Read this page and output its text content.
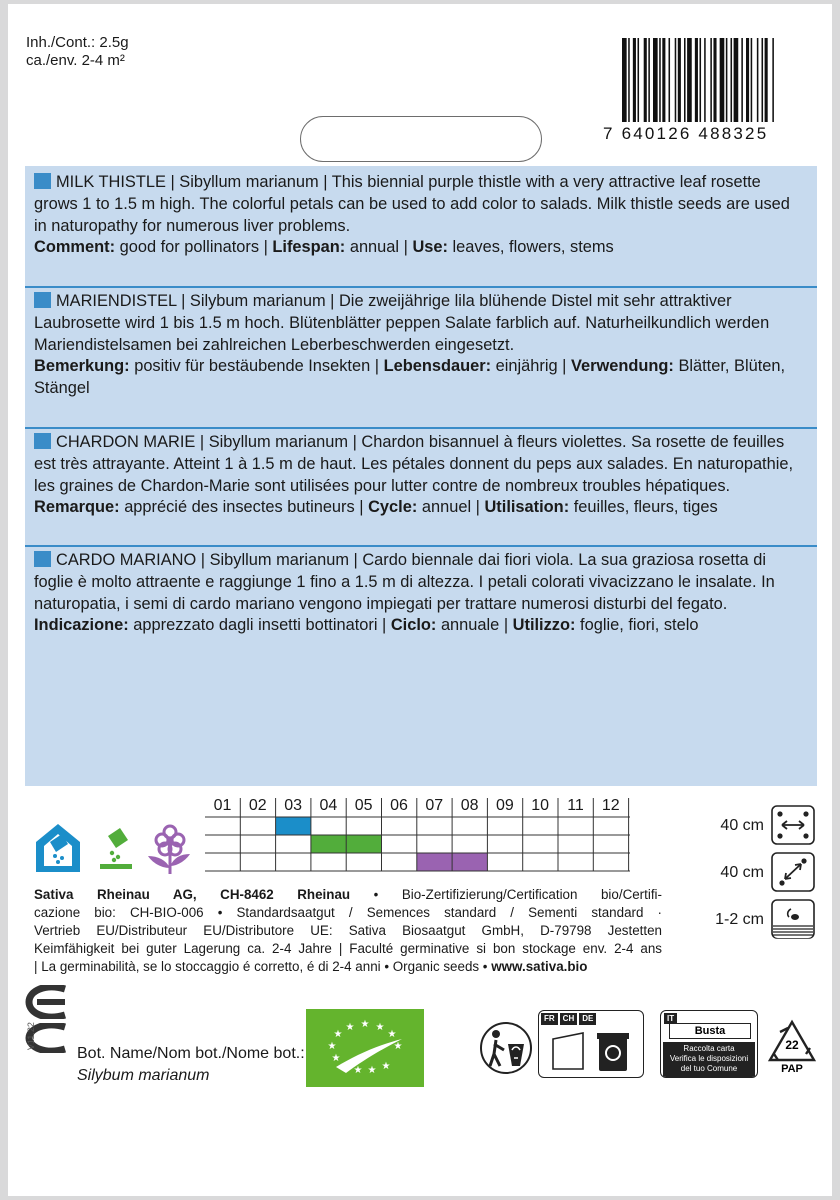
Inh./Cont.: 2.5g
ca./env. 2-4 m²
7 640126 488325
MILK THISTLE | Sibyllum marianum | This biennial purple thistle with a very attractive leaf rosette
grows 1 to 1.5 m high. The colorful petals can be used to add color to salads. Milk thistle seeds are used
in naturopathy for numerous liver problems.
Comment: good for pollinators | Lifespan: annual | Use: leaves, flowers, stems
MARIENDISTEL | Silybum marianum | Die zweijährige lila blühende Distel mit sehr attraktiver
Laubrosette wird 1 bis 1.5 m hoch. Blütenblätter peppen Salate farblich auf. Naturheilkundlich werden
Mariendistelsamen bei zahlreichen Leberbeschwerden eingesetzt.
Bemerkung: positiv für bestäubende Insekten | Lebensdauer: einjährig | Verwendung: Blätter, Blüten,
Stängel
CHARDON MARIE | Sibyllum marianum | Chardon bisannuel à fleurs violettes. Sa rosette de feuilles
est très attrayante. Atteint 1 à 1.5 m de haut. Les pétales donnent du peps aux salades. En naturopathie,
les graines de Chardon-Marie sont utilisées pour lutter contre de nombreux troubles hépatiques.
Remarque: apprécié des insectes butineurs | Cycle: annuel | Utilisation: feuilles, fleurs, tiges
CARDO MARIANO | Sibyllum marianum | Cardo biennale dai fiori viola. La sua graziosa rosetta di
foglie è molto attraente e raggiunge 1 fino a 1.5 m di altezza. I petali colorati vivacizzano le insalate. In
naturopatia, i semi di cardo mariano vengono impiegati per trattare numerosi disturbi del fegato.
Indicazione: apprezzato dagli insetti bottinatori | Ciclo: annuale | Utilizzo: foglie, fiori, stelo
01	02	03	04	05	06	07	08	09	10	11	12
40 cm
40 cm
1-2 cm
Sativa Rheinau AG, CH-8462 Rheinau • Bio-Zertifizierung/Certification bio/Certifi-
cazione bio: CH-BIO-006 • Standardsaatgut / Semences standard / Sementi standard ·
Vertrieb EU/Distributeur EU/Distributore UE: Sativa Biosaatgut GmbH, D-79798 Jestetten
Keimfähigkeit bei guter Lagerung ca. 2-4 Jahre | Faculté germinative si bon stockage env. 2-4 ans
| La germinabilità, se lo stoccaggio é corretto, é di 2-4 anni • Organic seeds • www.sativa.bio
V11.22
Bot. Name/Nom bot./Nome bot.:
Silybum marianum
★ ★
★
★
★
★
★
★
★ ★ ★
FR	CH	DE	IT
Busta
Raccolta carta
Verifica le disposizioni
del tuo Comune
22
PAP
